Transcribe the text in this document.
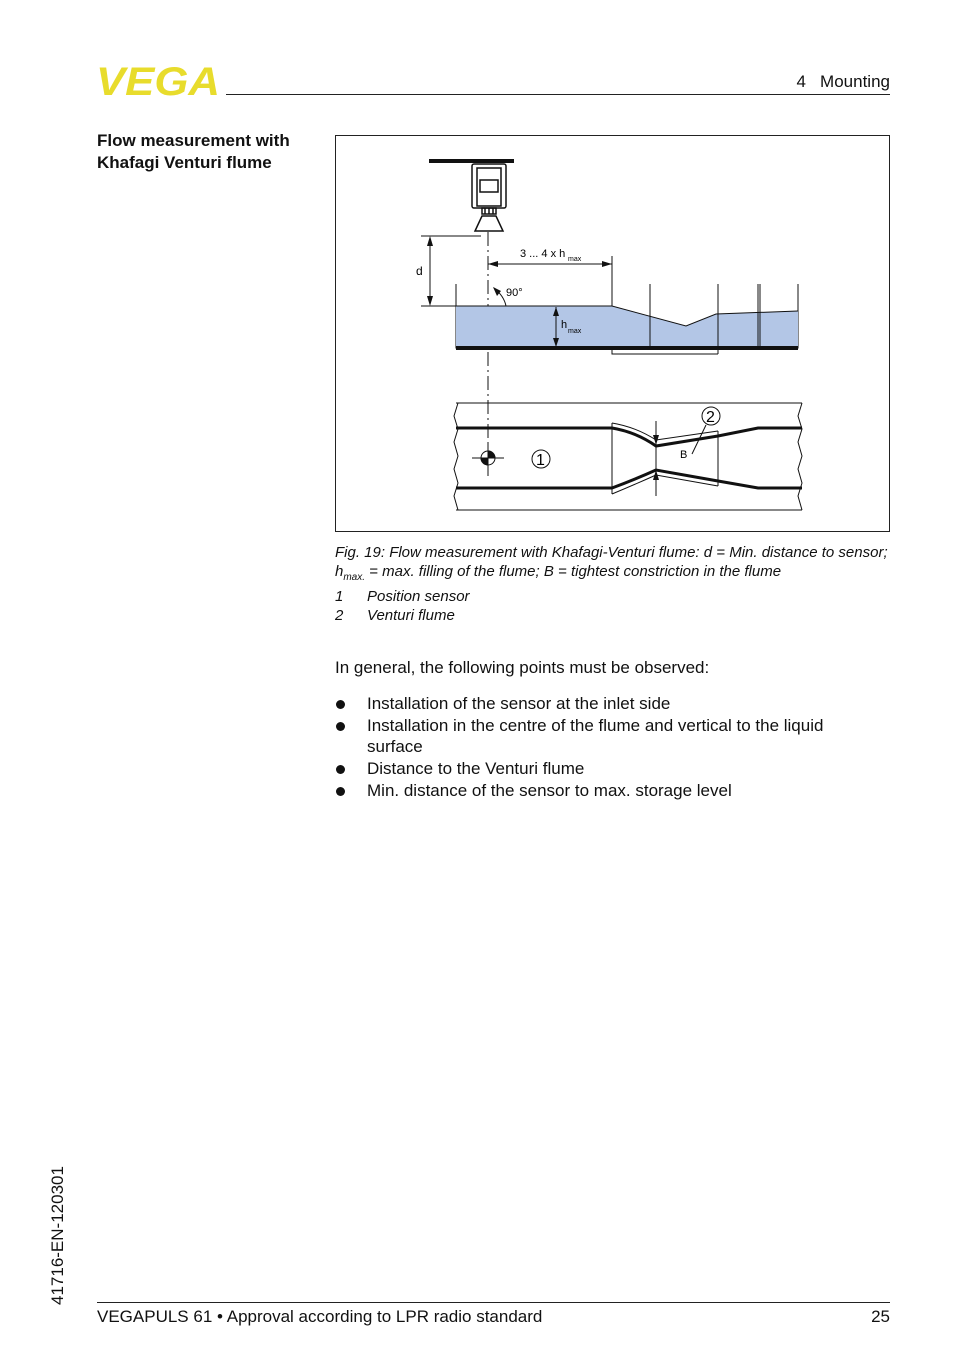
VEGA	4   Mounting
Flow measurement with Khafagi Venturi flume
d
3 ... 4 x h max
90°
h
max
B
1
2
Fig. 19: Flow measurement with Khafagi-Venturi flume: d = Min. distance to sensor; $h_{max.} = \max$. filling of the flume; B = tightest constriction in the flume
1	Position sensor
2	Venturi flume
In general, the following points must be observed:
Installation of the sensor at the inlet side
Installation in the centre of the flume and vertical to the liquid surface
Distance to the Venturi flume
Min. distance of the sensor to max. storage level
41716-EN-120301
VEGAPULS 61 • Approval according to LPR radio standard	25
